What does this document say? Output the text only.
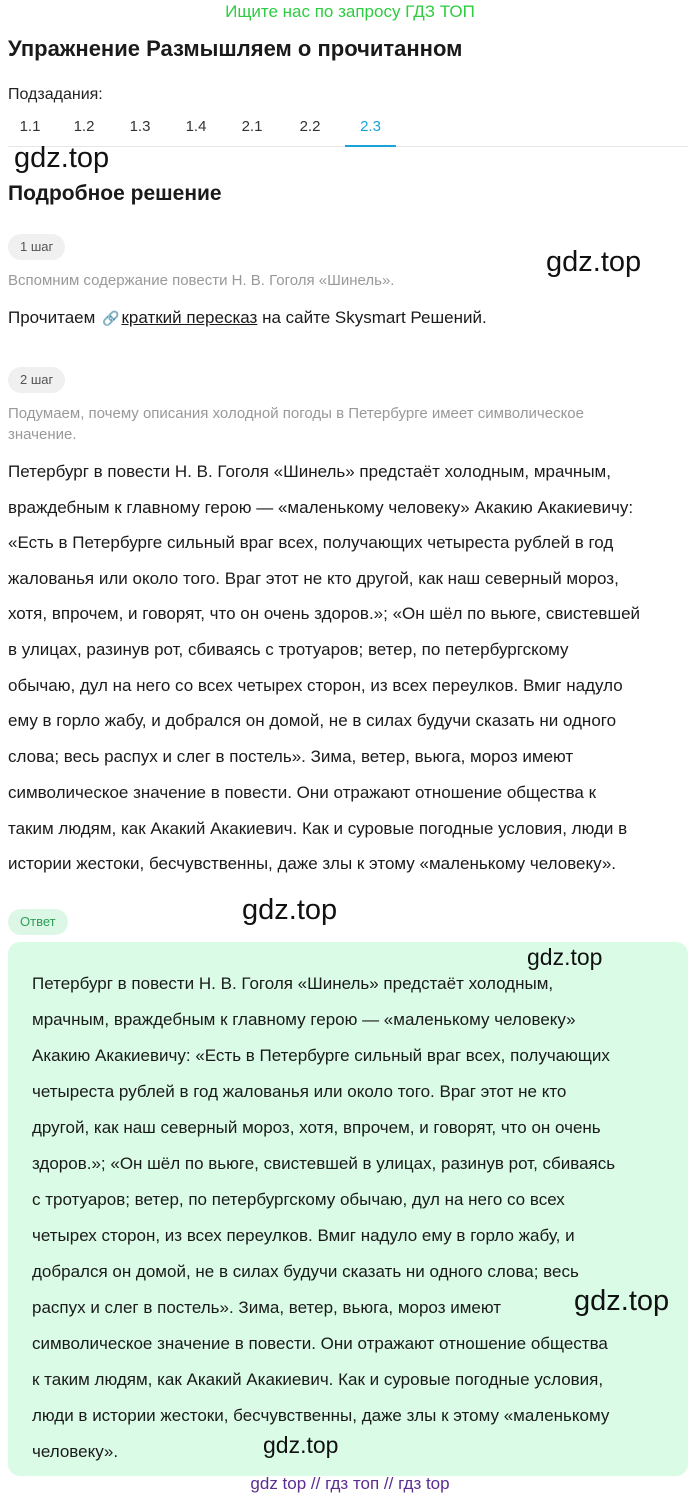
Ищите нас по запросу ГДЗ ТОП
Упражнение Размышляем о прочитанном
Подзадания:
1.1	1.2	1.3	1.4	2.1	2.2	2.3
gdz.top
Подробное решение
1 шаг
Вспомним содержание повести Н. В. Гоголя «Шинель».
gdz.top
Прочитаем 🔗 краткий пересказ на сайте Skysmart Решений.
2 шаг
Подумаем, почему описания холодной погоды в Петербурге имеет символическое
значение.
Петербург в повести Н. В. Гоголя «Шинель» предстаёт холодным, мрачным,
враждебным к главному герою — «маленькому человеку» Акакию Акакиевичу:
«Есть в Петербурге сильный враг всех, получающих четыреста рублей в год
жалованья или около того. Враг этот не кто другой, как наш северный мороз,
хотя, впрочем, и говорят, что он очень здоров.»; «Он шёл по вьюге, свистевшей
в улицах, разинув рот, сбиваясь с тротуаров; ветер, по петербургскому
обычаю, дул на него со всех четырех сторон, из всех переулков. Вмиг надуло
ему в горло жабу, и добрался он домой, не в силах будучи сказать ни одного
слова; весь распух и слег в постель». Зима, ветер, вьюга, мороз имеют
символическое значение в повести. Они отражают отношение общества к
таким людям, как Акакий Акакиевич. Как и суровые погодные условия, люди в
истории жестоки, бесчувственны, даже злы к этому «маленькому человеку».
Ответ	gdz.top
gdz.top
Петербург в повести Н. В. Гоголя «Шинель» предстаёт холодным,
мрачным, враждебным к главному герою — «маленькому человеку»
Акакию Акакиевичу: «Есть в Петербурге сильный враг всех, получающих
четыреста рублей в год жалованья или около того. Враг этот не кто
другой, как наш северный мороз, хотя, впрочем, и говорят, что он очень
здоров.»; «Он шёл по вьюге, свистевшей в улицах, разинув рот, сбиваясь
с тротуаров; ветер, по петербургскому обычаю, дул на него со всех
четырех сторон, из всех переулков. Вмиг надуло ему в горло жабу, и
добрался он домой, не в силах будучи сказать ни одного слова; весь
распух и слег в постель». Зима, ветер, вьюга, мороз имеют
символическое значение в повести. Они отражают отношение общества
к таким людям, как Акакий Акакиевич. Как и суровые погодные условия,
люди в истории жестоки, бесчувственны, даже злы к этому «маленькому
человеку».
gdz.top
gdz.top
gdz top // гдз топ // гдз top
